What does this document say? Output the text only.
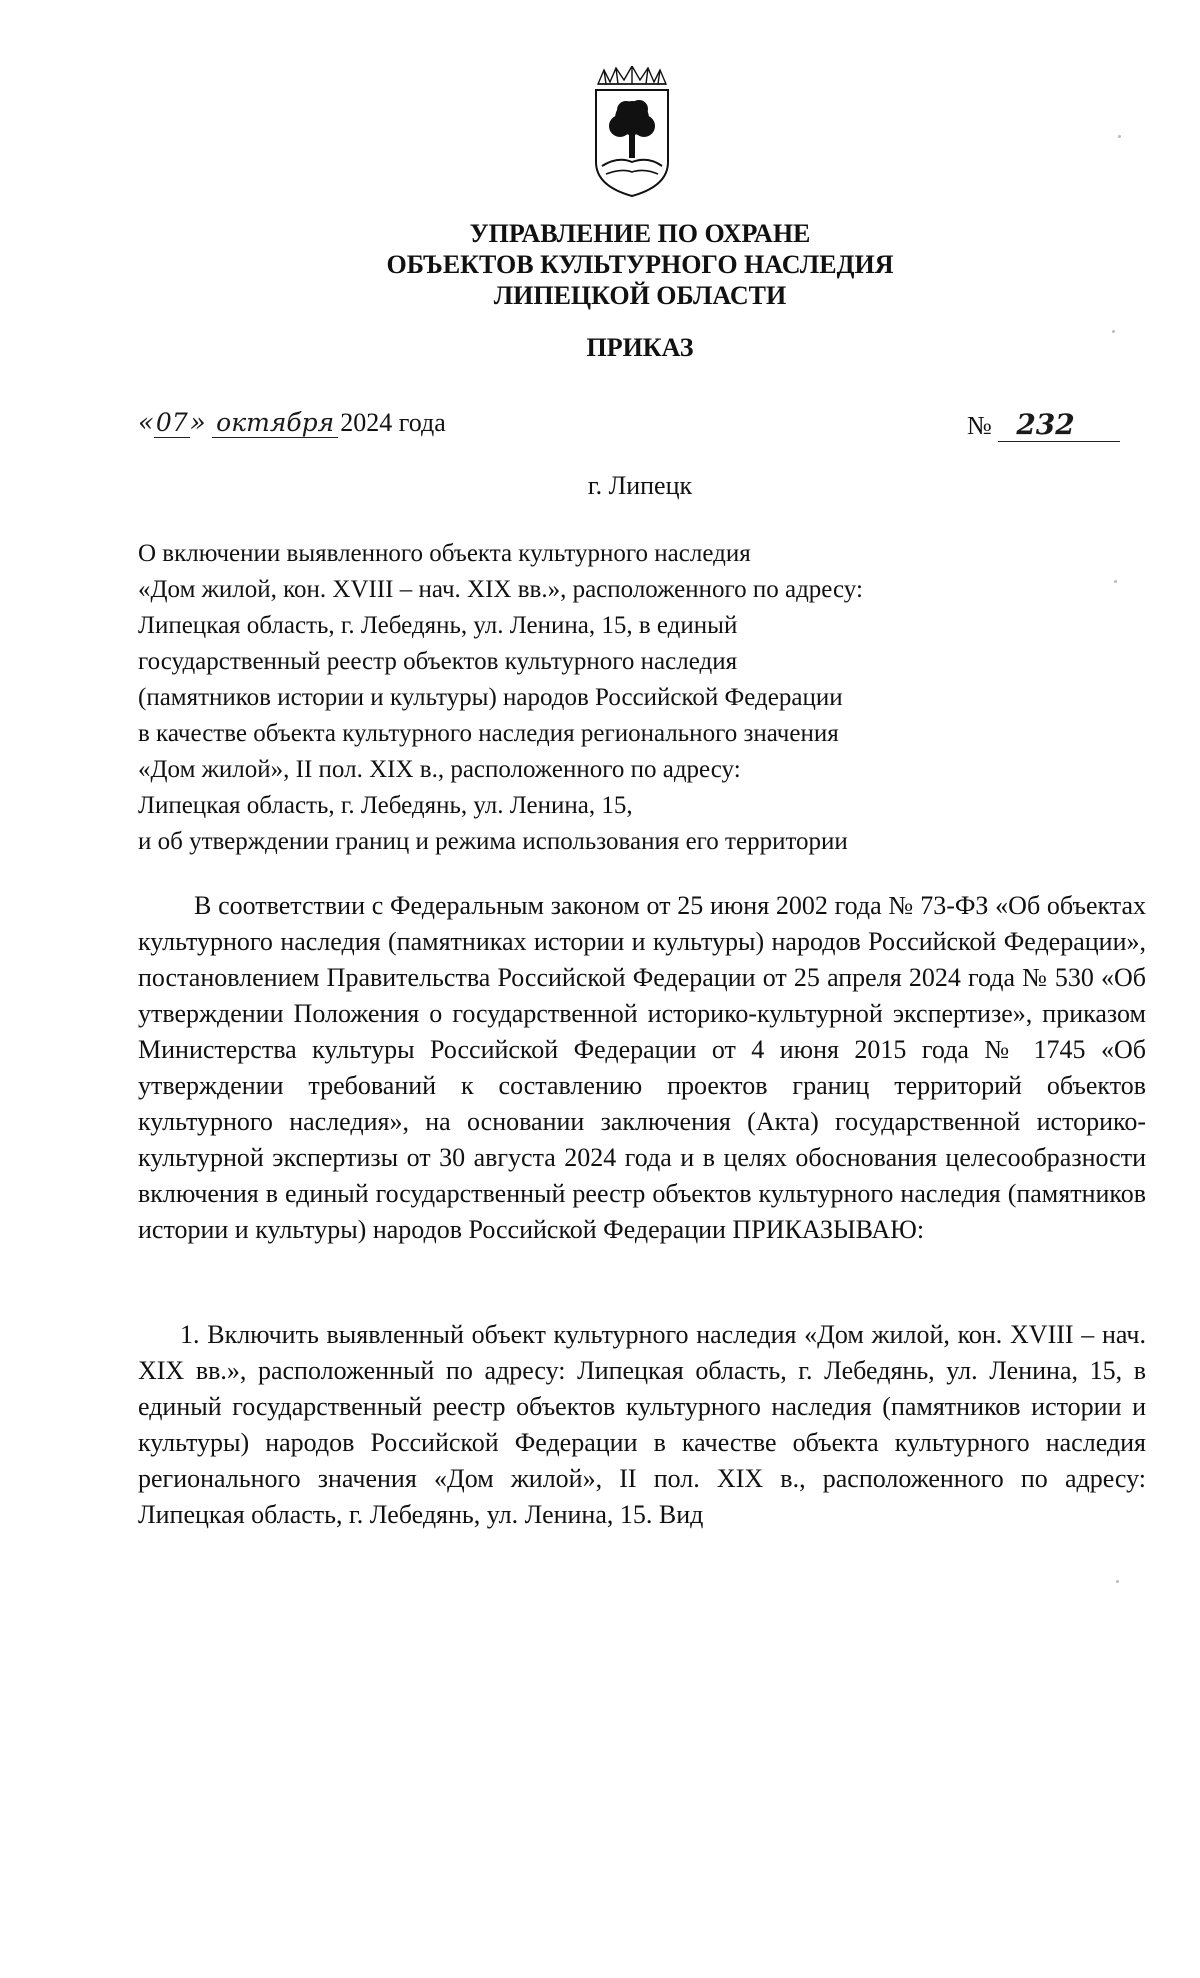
УПРАВЛЕНИЕ ПО ОХРАНЕ
ОБЪЕКТОВ КУЛЬТУРНОГО НАСЛЕДИЯ
ЛИПЕЦКОЙ ОБЛАСТИ
ПРИКАЗ
«07» октября 2024 года	№ 232
г. Липецк
О включении выявленного объекта культурного наследия
«Дом жилой, кон. XVIII – нач. XIX вв.», расположенного по адресу:
Липецкая область, г. Лебедянь, ул. Ленина, 15, в единый
государственный реестр объектов культурного наследия
(памятников истории и культуры) народов Российской Федерации
в качестве объекта культурного наследия регионального значения
«Дом жилой», II пол. XIX в., расположенного по адресу:
Липецкая область, г. Лебедянь, ул. Ленина, 15,
и об утверждении границ и режима использования его территории
В соответствии с Федеральным законом от 25 июня 2002 года № 73-ФЗ «Об объектах культурного наследия (памятниках истории и культуры) народов Российской Федерации», постановлением Правительства Российской Федерации от 25 апреля 2024 года № 530 «Об утверждении Положения о государственной историко-культурной экспертизе», приказом Министерства культуры Российской Федерации от 4 июня 2015 года № 1745 «Об утверждении требований к составлению проектов границ территорий объектов культурного наследия», на основании заключения (Акта) государственной историко-культурной экспертизы от 30 августа 2024 года и в целях обоснования целесообразности включения в единый государственный реестр объектов культурного наследия (памятников истории и культуры) народов Российской Федерации ПРИКАЗЫВАЮ:
1. Включить выявленный объект культурного наследия «Дом жилой, кон. XVIII – нач. XIX вв.», расположенный по адресу: Липецкая область, г. Лебедянь, ул. Ленина, 15, в единый государственный реестр объектов культурного наследия (памятников истории и культуры) народов Российской Федерации в качестве объекта культурного наследия регионального значения «Дом жилой», II пол. XIX в., расположенного по адресу: Липецкая область, г. Лебедянь, ул. Ленина, 15. Вид
